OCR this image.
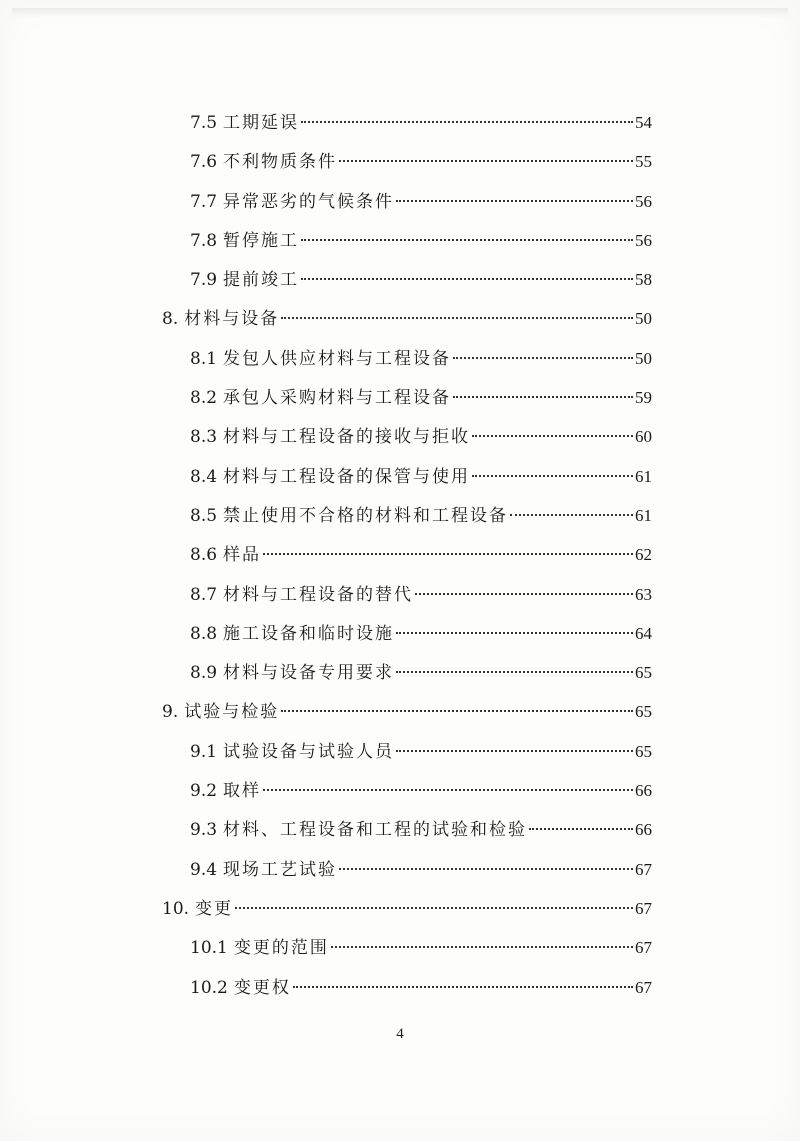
7.5 工期延误	54
7.6 不利物质条件	55
7.7 异常恶劣的气候条件	56
7.8 暂停施工	56
7.9 提前竣工	58
8. 材料与设备	50
8.1 发包人供应材料与工程设备	50
8.2 承包人采购材料与工程设备	59
8.3 材料与工程设备的接收与拒收	60
8.4 材料与工程设备的保管与使用	61
8.5 禁止使用不合格的材料和工程设备	61
8.6 样品	62
8.7 材料与工程设备的替代	63
8.8 施工设备和临时设施	64
8.9 材料与设备专用要求	65
9. 试验与检验	65
9.1 试验设备与试验人员	65
9.2 取样	66
9.3 材料、工程设备和工程的试验和检验	66
9.4 现场工艺试验	67
10. 变更	67
10.1 变更的范围	67
10.2 变更权	67
4
